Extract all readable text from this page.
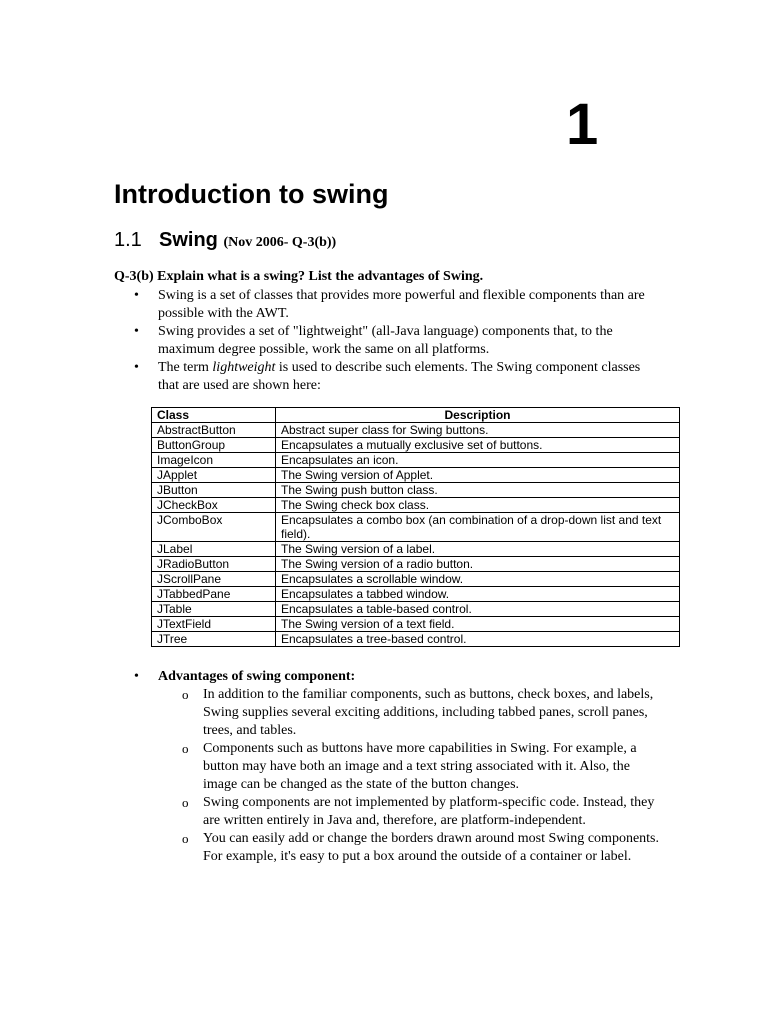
1
Introduction to swing
1.1 Swing (Nov 2006- Q-3(b))
Q-3(b) Explain what is a swing? List the advantages of Swing.
• Swing is a set of classes that provides more powerful and flexible components than are possible with the AWT.
• Swing provides a set of "lightweight" (all-Java language) components that, to the maximum degree possible, work the same on all platforms.
• The term lightweight is used to describe such elements. The Swing component classes that are used are shown here:
Class	Description
AbstractButton	Abstract super class for Swing buttons.
ButtonGroup	Encapsulates a mutually exclusive set of buttons.
ImageIcon	Encapsulates an icon.
JApplet	The Swing version of Applet.
JButton	The Swing push button class.
JCheckBox	The Swing check box class.
JComboBox	Encapsulates a combo box (an combination of a drop-down list and text field).
JLabel	The Swing version of a label.
JRadioButton	The Swing version of a radio button.
JScrollPane	Encapsulates a scrollable window.
JTabbedPane	Encapsulates a tabbed window.
JTable	Encapsulates a table-based control.
JTextField	The Swing version of a text field.
JTree	Encapsulates a tree-based control.
• Advantages of swing component:
o In addition to the familiar components, such as buttons, check boxes, and labels, Swing supplies several exciting additions, including tabbed panes, scroll panes, trees, and tables.
o Components such as buttons have more capabilities in Swing. For example, a button may have both an image and a text string associated with it. Also, the image can be changed as the state of the button changes.
o Swing components are not implemented by platform-specific code. Instead, they are written entirely in Java and, therefore, are platform-independent.
o You can easily add or change the borders drawn around most Swing components. For example, it's easy to put a box around the outside of a container or label.
